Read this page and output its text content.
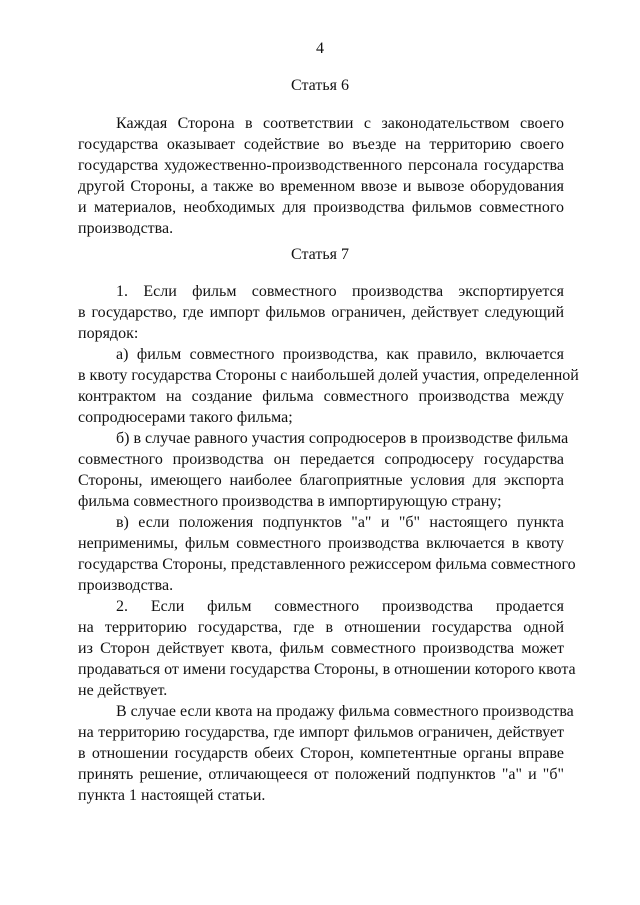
4
Статья 6
Каждая Сторона в соответствии с законодательством своего
государства оказывает содействие во въезде на территорию своего
государства художественно-производственного персонала государства
другой Стороны, а также во временном ввозе и вывозе оборудования
и материалов, необходимых для производства фильмов совместного
производства.
Статья 7
1. Если фильм совместного производства экспортируется
в государство, где импорт фильмов ограничен, действует следующий
порядок:
а) фильм совместного производства, как правило, включается
в квоту государства Стороны с наибольшей долей участия, определенной
контрактом на создание фильма совместного производства между
сопродюсерами такого фильма;
б) в случае равного участия сопродюсеров в производстве фильма
совместного производства он передается сопродюсеру государства
Стороны, имеющего наиболее благоприятные условия для экспорта
фильма совместного производства в импортирующую страну;
в) если положения подпунктов "а" и "б" настоящего пункта
неприменимы, фильм совместного производства включается в квоту
государства Стороны, представленного режиссером фильма совместного
производства.
2. Если фильм совместного производства продается
на территорию государства, где в отношении государства одной
из Сторон действует квота, фильм совместного производства может
продаваться от имени государства Стороны, в отношении которого квота
не действует.
В случае если квота на продажу фильма совместного производства
на территорию государства, где импорт фильмов ограничен, действует
в отношении государств обеих Сторон, компетентные органы вправе
принять решение, отличающееся от положений подпунктов "а" и "б"
пункта 1 настоящей статьи.
